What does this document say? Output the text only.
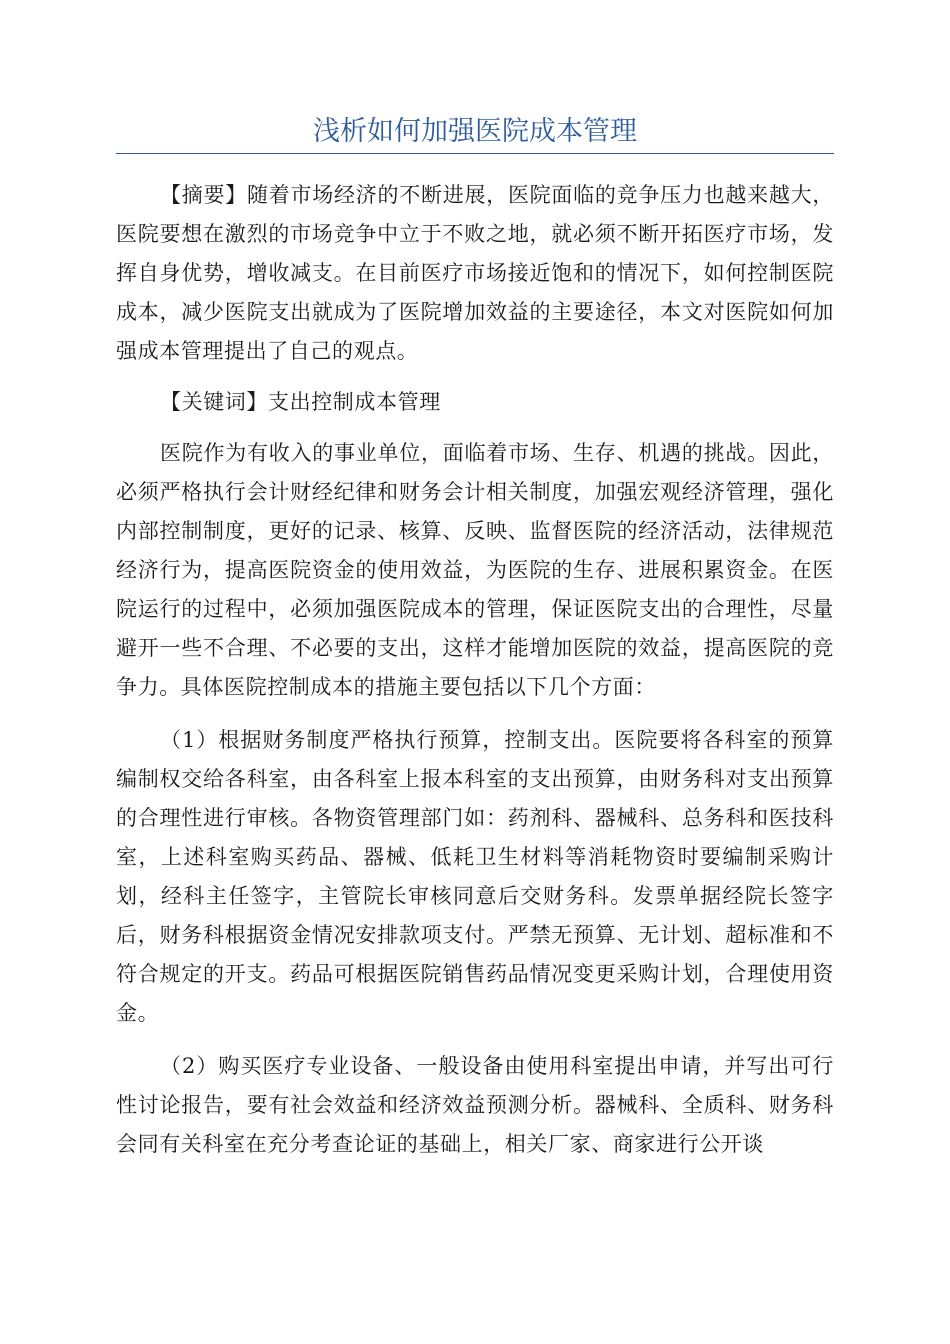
浅析如何加强医院成本管理

【摘要】随着市场经济的不断进展，医院面临的竞争压力也越来越大，医院要想在激烈的市场竞争中立于不败之地，就必须不断开拓医疗市场，发挥自身优势，增收减支。在目前医疗市场接近饱和的情况下，如何控制医院成本，减少医院支出就成为了医院增加效益的主要途径，本文对医院如何加强成本管理提出了自己的观点。

【关键词】支出控制成本管理

医院作为有收入的事业单位，面临着市场、生存、机遇的挑战。因此，必须严格执行会计财经纪律和财务会计相关制度，加强宏观经济管理，强化内部控制制度，更好的记录、核算、反映、监督医院的经济活动，法律规范经济行为，提高医院资金的使用效益，为医院的生存、进展积累资金。在医院运行的过程中，必须加强医院成本的管理，保证医院支出的合理性，尽量避开一些不合理、不必要的支出，这样才能增加医院的效益，提高医院的竞争力。具体医院控制成本的措施主要包括以下几个方面：

（1）根据财务制度严格执行预算，控制支出。医院要将各科室的预算编制权交给各科室，由各科室上报本科室的支出预算，由财务科对支出预算的合理性进行审核。各物资管理部门如：药剂科、器械科、总务科和医技科室，上述科室购买药品、器械、低耗卫生材料等消耗物资时要编制采购计划，经科主任签字，主管院长审核同意后交财务科。发票单据经院长签字后，财务科根据资金情况安排款项支付。严禁无预算、无计划、超标准和不符合规定的开支。药品可根据医院销售药品情况变更采购计划，合理使用资金。

（2）购买医疗专业设备、一般设备由使用科室提出申请，并写出可行性讨论报告，要有社会效益和经济效益预测分析。器械科、全质科、财务科会同有关科室在充分考查论证的基础上，相关厂家、商家进行公开谈
